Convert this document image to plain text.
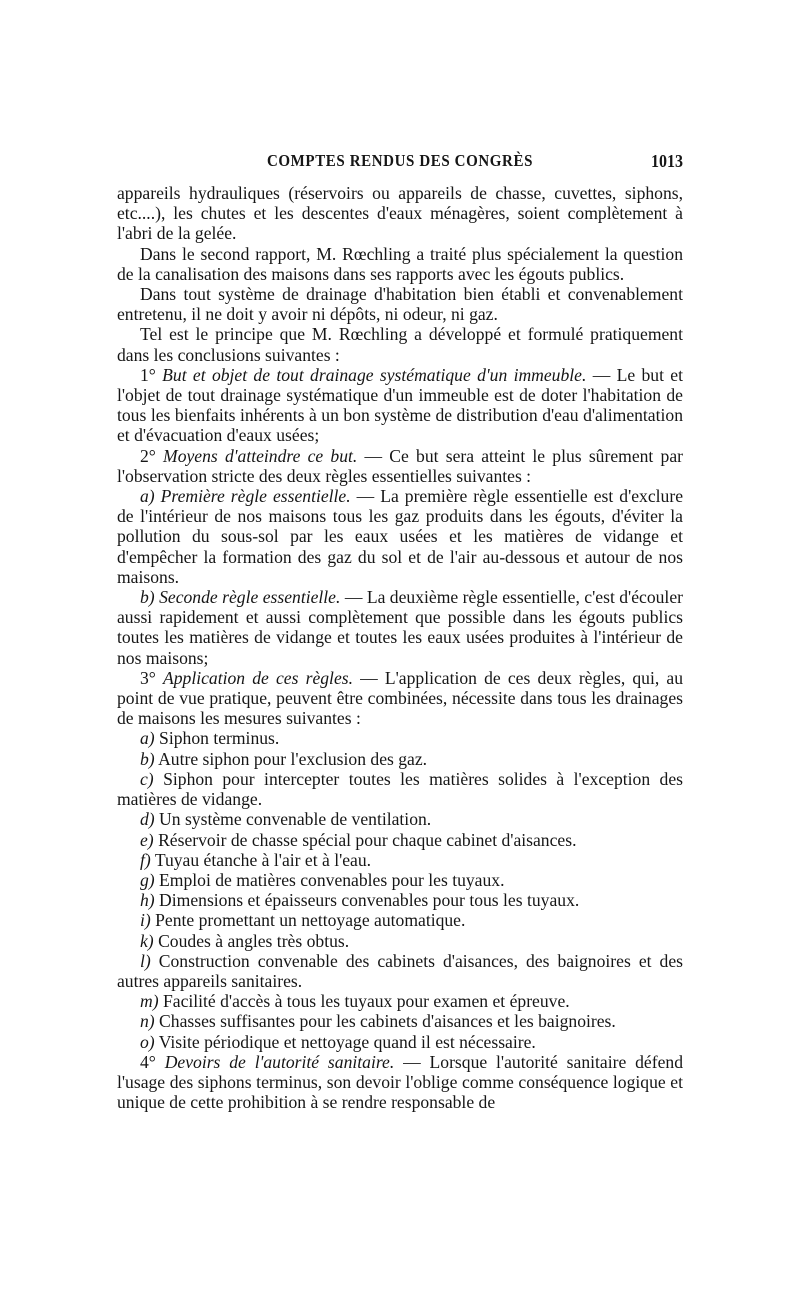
COMPTES RENDUS DES CONGRÈS	1013

appareils hydrauliques (réservoirs ou appareils de chasse, cuvettes, siphons, etc....), les chutes et les descentes d'eaux ménagères, soient complètement à l'abri de la gelée.

Dans le second rapport, M. Rœchling a traité plus spécialement la question de la canalisation des maisons dans ses rapports avec les égouts publics.

Dans tout système de drainage d'habitation bien établi et convenablement entretenu, il ne doit y avoir ni dépôts, ni odeur, ni gaz.

Tel est le principe que M. Rœchling a développé et formulé pratiquement dans les conclusions suivantes :

1° But et objet de tout drainage systématique d'un immeuble. — Le but et l'objet de tout drainage systématique d'un immeuble est de doter l'habitation de tous les bienfaits inhérents à un bon système de distribution d'eau d'alimentation et d'évacuation d'eaux usées;

2° Moyens d'atteindre ce but. — Ce but sera atteint le plus sûrement par l'observation stricte des deux règles essentielles suivantes :

a) Première règle essentielle. — La première règle essentielle est d'exclure de l'intérieur de nos maisons tous les gaz produits dans les égouts, d'éviter la pollution du sous-sol par les eaux usées et les matières de vidange et d'empêcher la formation des gaz du sol et de l'air au-dessous et autour de nos maisons.

b) Seconde règle essentielle. — La deuxième règle essentielle, c'est d'écouler aussi rapidement et aussi complètement que possible dans les égouts publics toutes les matières de vidange et toutes les eaux usées produites à l'intérieur de nos maisons;

3° Application de ces règles. — L'application de ces deux règles, qui, au point de vue pratique, peuvent être combinées, nécessite dans tous les drainages de maisons les mesures suivantes :

a) Siphon terminus.

b) Autre siphon pour l'exclusion des gaz.

c) Siphon pour intercepter toutes les matières solides à l'exception des matières de vidange.

d) Un système convenable de ventilation.

e) Réservoir de chasse spécial pour chaque cabinet d'aisances.

f) Tuyau étanche à l'air et à l'eau.

g) Emploi de matières convenables pour les tuyaux.

h) Dimensions et épaisseurs convenables pour tous les tuyaux.

i) Pente promettant un nettoyage automatique.

k) Coudes à angles très obtus.

l) Construction convenable des cabinets d'aisances, des baignoires et des autres appareils sanitaires.

m) Facilité d'accès à tous les tuyaux pour examen et épreuve.

n) Chasses suffisantes pour les cabinets d'aisances et les baignoires.

o) Visite périodique et nettoyage quand il est nécessaire.

4° Devoirs de l'autorité sanitaire. — Lorsque l'autorité sanitaire défend l'usage des siphons terminus, son devoir l'oblige comme conséquence logique et unique de cette prohibition à se rendre responsable de
